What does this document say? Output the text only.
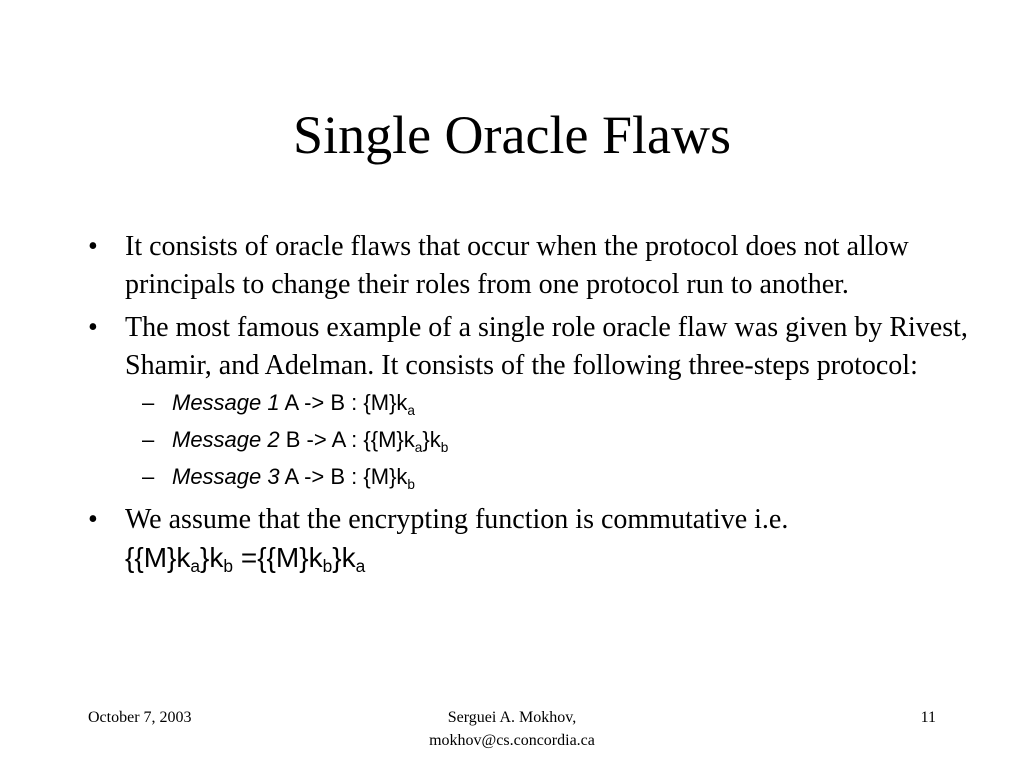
Single Oracle Flaws
• It consists of oracle flaws that occur when the protocol does not allow principals to change their roles from one protocol run to another.
• The most famous example of a single role oracle flaw was given by Rivest, Shamir, and Adelman. It consists of the following three-steps protocol:
– Message 1 A -> B : $\{M\}k_a$
– Message 2 B -> A : $\{\{M\}k_a\}k_b$
– Message 3 A -> B : $\{M\}k_b$
• We assume that the encrypting function is commutative i.e.
$\{\{M\}k_a\}k_b =\{\{M\}k_b\}k_a$
October 7, 2003	Serguei A. Mokhov,
mokhov@cs.concordia.ca
11
